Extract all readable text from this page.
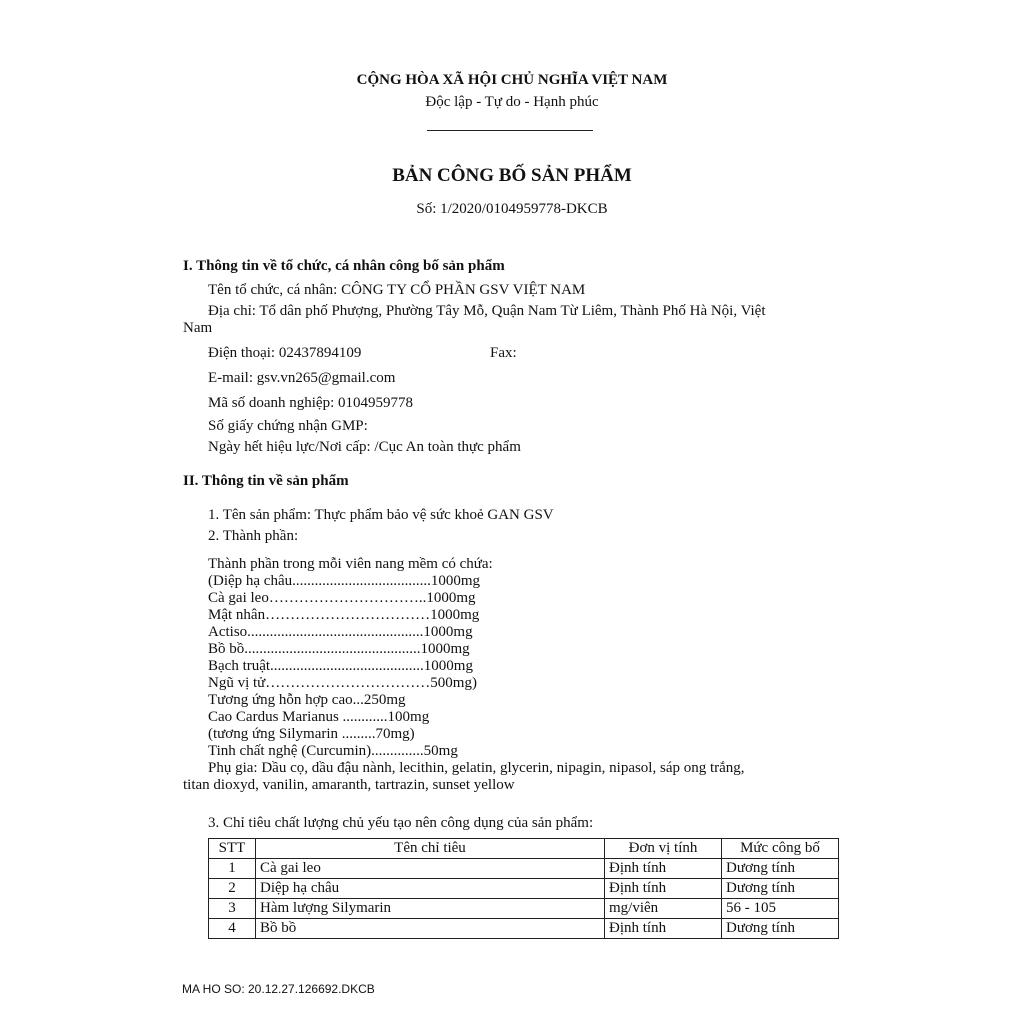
CỘNG HÒA XÃ HỘI CHỦ NGHĨA VIỆT NAM
Độc lập - Tự do - Hạnh phúc
BẢN CÔNG BỐ SẢN PHẨM
Số: 1/2020/0104959778-DKCB
I. Thông tin về tổ chức, cá nhân công bố sản phẩm
Tên tổ chức, cá nhân: CÔNG TY CỔ PHẦN GSV VIỆT NAM
Địa chỉ: Tổ dân phố Phượng, Phường Tây Mỗ, Quận Nam Từ Liêm, Thành Phố Hà Nội, Việt
Nam
Điện thoại: 02437894109	Fax:
E-mail: gsv.vn265@gmail.com
Mã số doanh nghiệp: 0104959778
Số giấy chứng nhận GMP:
Ngày hết hiệu lực/Nơi cấp: /Cục An toàn thực phẩm
II. Thông tin về sản phẩm
1. Tên sản phẩm: Thực phẩm bảo vệ sức khoẻ GAN GSV
2. Thành phần:
Thành phần trong mỗi viên nang mềm có chứa:
(Diệp hạ châu.....................................1000mg
Cà gai leo…………………………..1000mg
Mật nhân……………………………1000mg
Actiso...............................................1000mg
Bồ bồ...............................................1000mg
Bạch truật.........................................1000mg
Ngũ vị tử……………………………500mg)
Tương ứng hỗn hợp cao...250mg
Cao Cardus Marianus ............100mg
(tương ứng Silymarin .........70mg)
Tinh chất nghệ (Curcumin)..............50mg
Phụ gia: Dầu cọ, dầu đậu nành, lecithin, gelatin, glycerin, nipagin, nipasol, sáp ong trắng,
titan dioxyd, vanilin, amaranth, tartrazin, sunset yellow
3. Chỉ tiêu chất lượng chủ yếu tạo nên công dụng của sản phẩm:
STT	Tên chỉ tiêu	Đơn vị tính	Mức công bố
1	Cà gai leo	Định tính	Dương tính
2	Diệp hạ châu	Định tính	Dương tính
3	Hàm lượng Silymarin	mg/viên	56 - 105
4	Bồ bồ	Định tính	Dương tính
MA HO SO: 20.12.27.126692.DKCB
